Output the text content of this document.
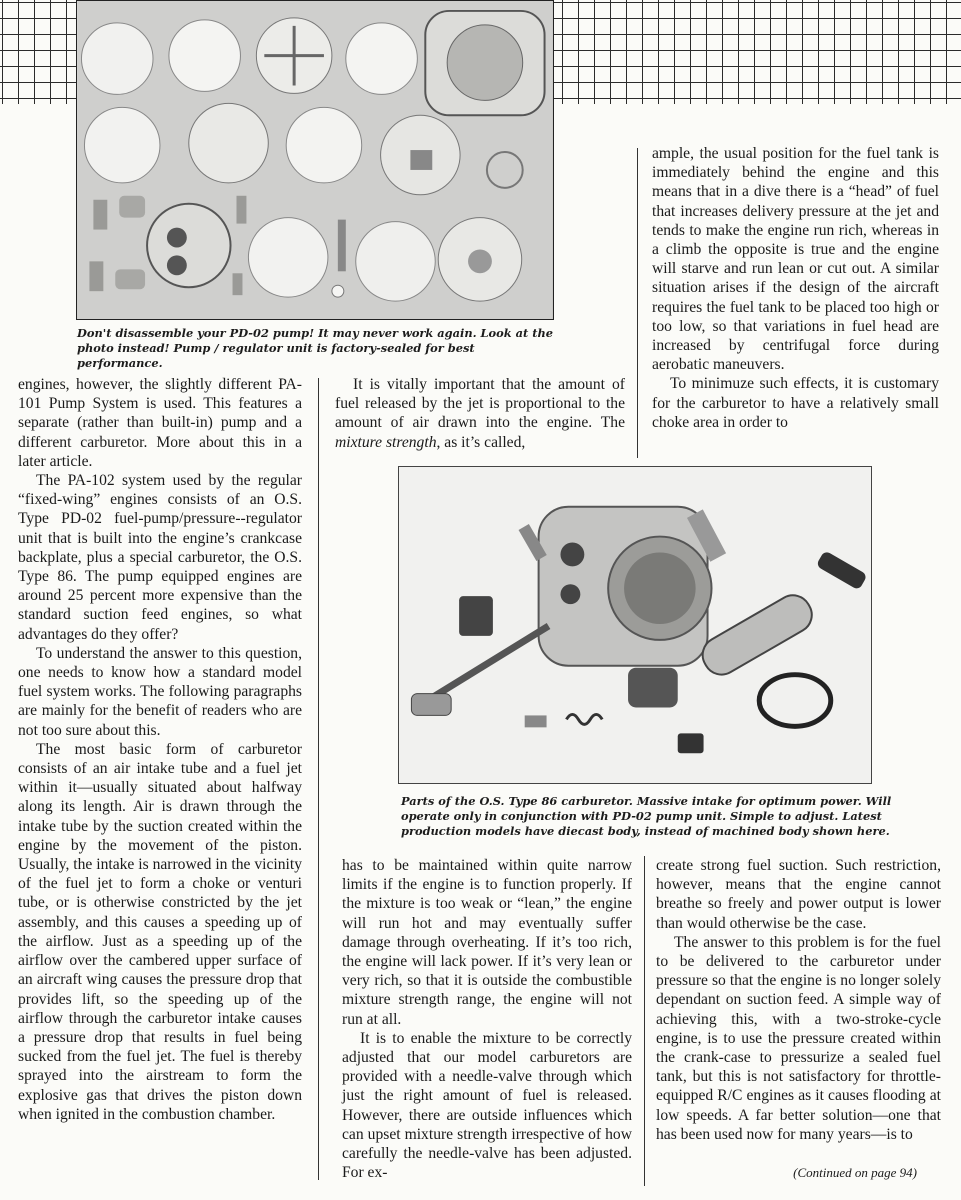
Don't disassemble your PD-02 pump! It may never work again. Look at the
photo instead! Pump / regulator unit is factory-sealed for best performance.

engines, however, the slightly different PA-101 Pump System is used. This features a separate (rather than built-in) pump and a different carburetor. More about this in a later article.

The PA-102 system used by the regular “fixed-wing” engines consists of an O.S. Type PD-02 fuel-pump/pressure--regulator unit that is built into the engine’s crankcase backplate, plus a special carburetor, the O.S. Type 86. The pump equipped engines are around 25 percent more expensive than the standard suction feed engines, so what advantages do they offer?

To understand the answer to this question, one needs to know how a standard model fuel system works. The following paragraphs are mainly for the benefit of readers who are not too sure about this.

The most basic form of carburetor consists of an air intake tube and a fuel jet within it—usually situated about halfway along its length. Air is drawn through the intake tube by the suction created within the engine by the movement of the piston. Usually, the intake is narrowed in the vicinity of the fuel jet to form a choke or venturi tube, or is otherwise constricted by the jet assembly, and this causes a speeding up of the airflow. Just as a speeding up of the airflow over the cambered upper surface of an aircraft wing causes the pressure drop that provides lift, so the speeding up of the airflow through the carburetor intake causes a pressure drop that results in fuel being sucked from the fuel jet. The fuel is thereby sprayed into the airstream to form the explosive gas that drives the piston down when ignited in the combustion chamber.

It is vitally important that the amount of fuel released by the jet is proportional to the amount of air drawn into the engine. The mixture strength, as it’s called,

ample, the usual position for the fuel tank is immediately behind the engine and this means that in a dive there is a “head” of fuel that increases delivery pressure at the jet and tends to make the engine run rich, whereas in a climb the opposite is true and the engine will starve and run lean or cut out. A similar situation arises if the design of the aircraft requires the fuel tank to be placed too high or too low, so that variations in fuel head are increased by centrifugal force during aerobatic maneuvers.

To minimuze such effects, it is customary for the carburetor to have a relatively small choke area in order to

Parts of the O.S. Type 86 carburetor. Massive intake for optimum power. Will
operate only in conjunction with PD-02 pump unit. Simple to adjust. Latest
production models have diecast body, instead of machined body shown here.

has to be maintained within quite narrow limits if the engine is to function properly. If the mixture is too weak or “lean,” the engine will run hot and may eventually suffer damage through overheating. If it’s too rich, the engine will lack power. If it’s very lean or very rich, so that it is outside the combustible mixture strength range, the engine will not run at all.

It is to enable the mixture to be correctly adjusted that our model carburetors are provided with a needle-valve through which just the right amount of fuel is released. However, there are outside influences which can upset mixture strength irrespective of how carefully the needle-valve has been adjusted. For ex-

create strong fuel suction. Such restriction, however, means that the engine cannot breathe so freely and power output is lower than would otherwise be the case.

The answer to this problem is for the fuel to be delivered to the carburetor under pressure so that the engine is no longer solely dependant on suction feed. A simple way of achieving this, with a two-stroke-cycle engine, is to use the pressure created within the crank-case to pressurize a sealed fuel tank, but this is not satisfactory for throttle-equipped R/C engines as it causes flooding at low speeds. A far better solution—one that has been used now for many years—is to

(Continued on page 94)
